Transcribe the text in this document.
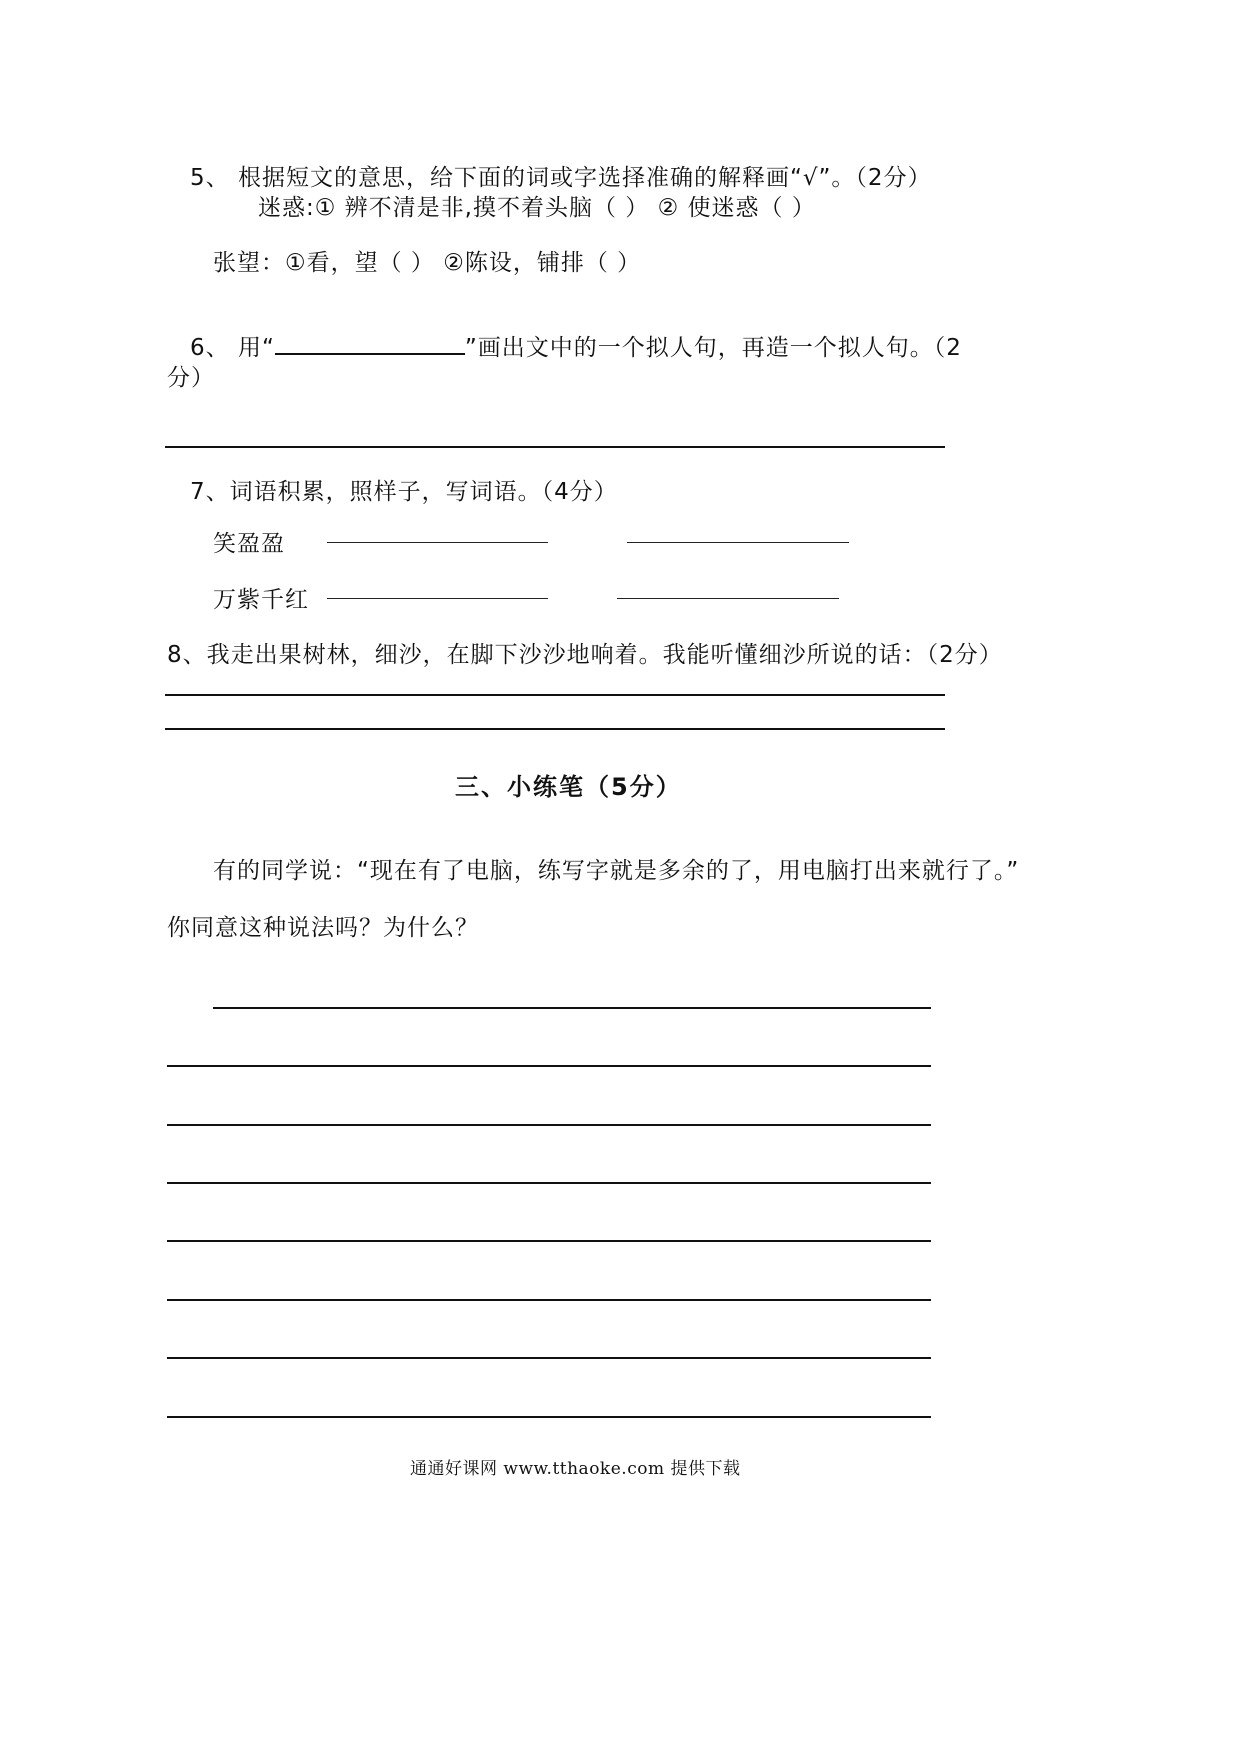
5、 根据短文的意思，给下面的词或字选择准确的解释画“√”。（2分）
迷惑:① 辨不清是非,摸不着头脑（ ） ② 使迷惑（ ）
张望：①看，望（ ） ②陈设，铺排（ ）
6、 用“	”画出文中的一个拟人句，再造一个拟人句。（2
分）
7、词语积累，照样子，写词语。（4分）
笑盈盈
万紫千红
8、我走出果树林，细沙，在脚下沙沙地响着。我能听懂细沙所说的话：（2分）
三、小练笔（5分）
有的同学说：“现在有了电脑，练写字就是多余的了，用电脑打出来就行了。”
你同意这种说法吗？为什么？
通通好课网 www.tthaoke.com 提供下载
